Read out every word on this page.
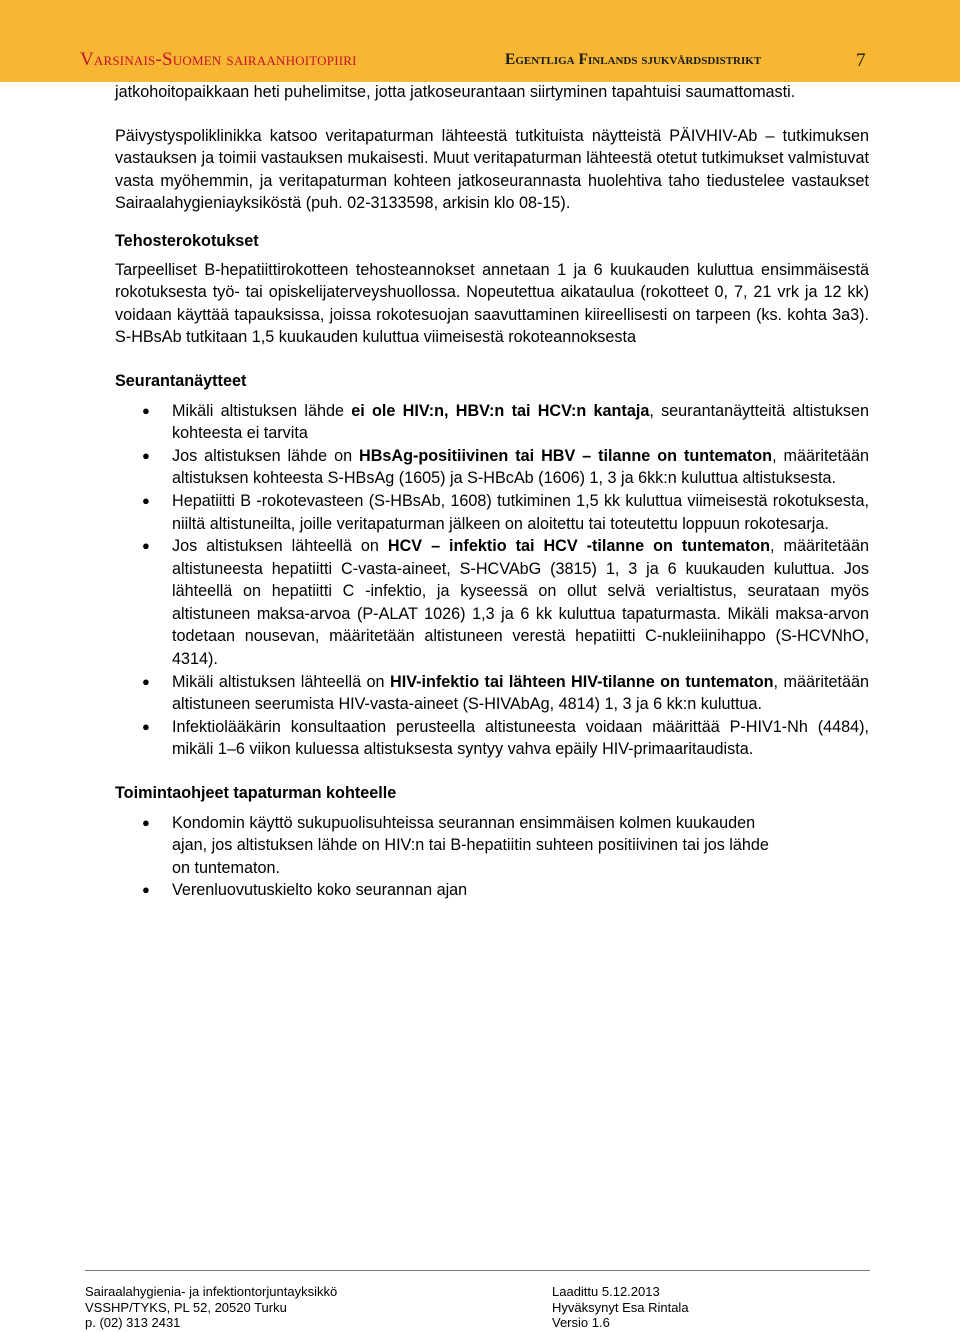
Varsinais-Suomen sairaanhoitopiiri	Egentliga Finlands sjukvårdsdistrikt	7

jatkohoitopaikkaan heti puhelimitse, jotta jatkoseurantaan siirtyminen tapahtuisi saumattomasti.

Päivystyspoliklinikka katsoo veritapaturman lähteestä tutkituista näytteistä PÄIVHIV-Ab – tutkimuksen vastauksen ja toimii vastauksen mukaisesti. Muut veritapaturman lähteestä otetut tutkimukset valmistuvat vasta myöhemmin, ja veritapaturman kohteen jatkoseurannasta huolehtiva taho tiedustelee vastaukset Sairaalahygieniayksiköstä (puh. 02-3133598, arkisin klo 08-15).

Tehosterokotukset

Tarpeelliset B-hepatiittirokotteen tehosteannokset annetaan 1 ja 6 kuukauden kuluttua ensimmäisestä rokotuksesta työ- tai opiskelijaterveyshuollossa. Nopeutettua aikataulua (rokotteet 0, 7, 21 vrk ja 12 kk) voidaan käyttää tapauksissa, joissa rokotesuojan saavuttaminen kiireellisesti on tarpeen (ks. kohta 3a3). S-HBsAb tutkitaan 1,5 kuukauden kuluttua viimeisestä rokoteannoksesta

Seurantanäytteet
● Mikäli altistuksen lähde ei ole HIV:n, HBV:n tai HCV:n kantaja, seurantanäytteitä altistuksen kohteesta ei tarvita
● Jos altistuksen lähde on HBsAg-positiivinen tai HBV – tilanne on tuntematon, määritetään altistuksen kohteesta S-HBsAg (1605) ja S-HBcAb (1606) 1, 3 ja 6kk:n kuluttua altistuksesta.
● Hepatiitti B -rokotevasteen (S-HBsAb, 1608) tutkiminen 1,5 kk kuluttua viimeisestä rokotuksesta, niiltä altistuneilta, joille veritapaturman jälkeen on aloitettu tai toteutettu loppuun rokotesarja.
● Jos altistuksen lähteellä on HCV – infektio tai HCV -tilanne on tuntematon, määritetään altistuneesta hepatiitti C-vasta-aineet, S-HCVAbG (3815) 1, 3 ja 6 kuukauden kuluttua. Jos lähteellä on hepatiitti C -infektio, ja kyseessä on ollut selvä verialtistus, seurataan myös altistuneen maksa-arvoa (P-ALAT 1026) 1,3 ja 6 kk kuluttua tapaturmasta. Mikäli maksa-arvon todetaan nousevan, määritetään altistuneen verestä hepatiitti C-nukleiinihappo (S-HCVNhO, 4314).
● Mikäli altistuksen lähteellä on HIV-infektio tai lähteen HIV-tilanne on tuntematon, määritetään altistuneen seerumista HIV-vasta-aineet (S-HIVAbAg, 4814) 1, 3 ja 6 kk:n kuluttua.
● Infektiolääkärin konsultaation perusteella altistuneesta voidaan määrittää P-HIV1-Nh (4484), mikäli 1–6 viikon kuluessa altistuksesta syntyy vahva epäily HIV-primaaritaudista.
Toimintaohjeet tapaturman kohteelle
● Kondomin käyttö sukupuolisuhteissa seurannan ensimmäisen kolmen kuukauden ajan, jos altistuksen lähde on HIV:n tai B-hepatiitin suhteen positiivinen tai jos lähde on tuntematon.
● Verenluovutuskielto koko seurannan ajan
Sairaalahygienia- ja infektiontorjuntayksikkö
VSSHP/TYKS, PL 52, 20520 Turku
p. (02) 313 2431
Laadittu 5.12.2013
Hyväksynyt Esa Rintala
Versio 1.6
